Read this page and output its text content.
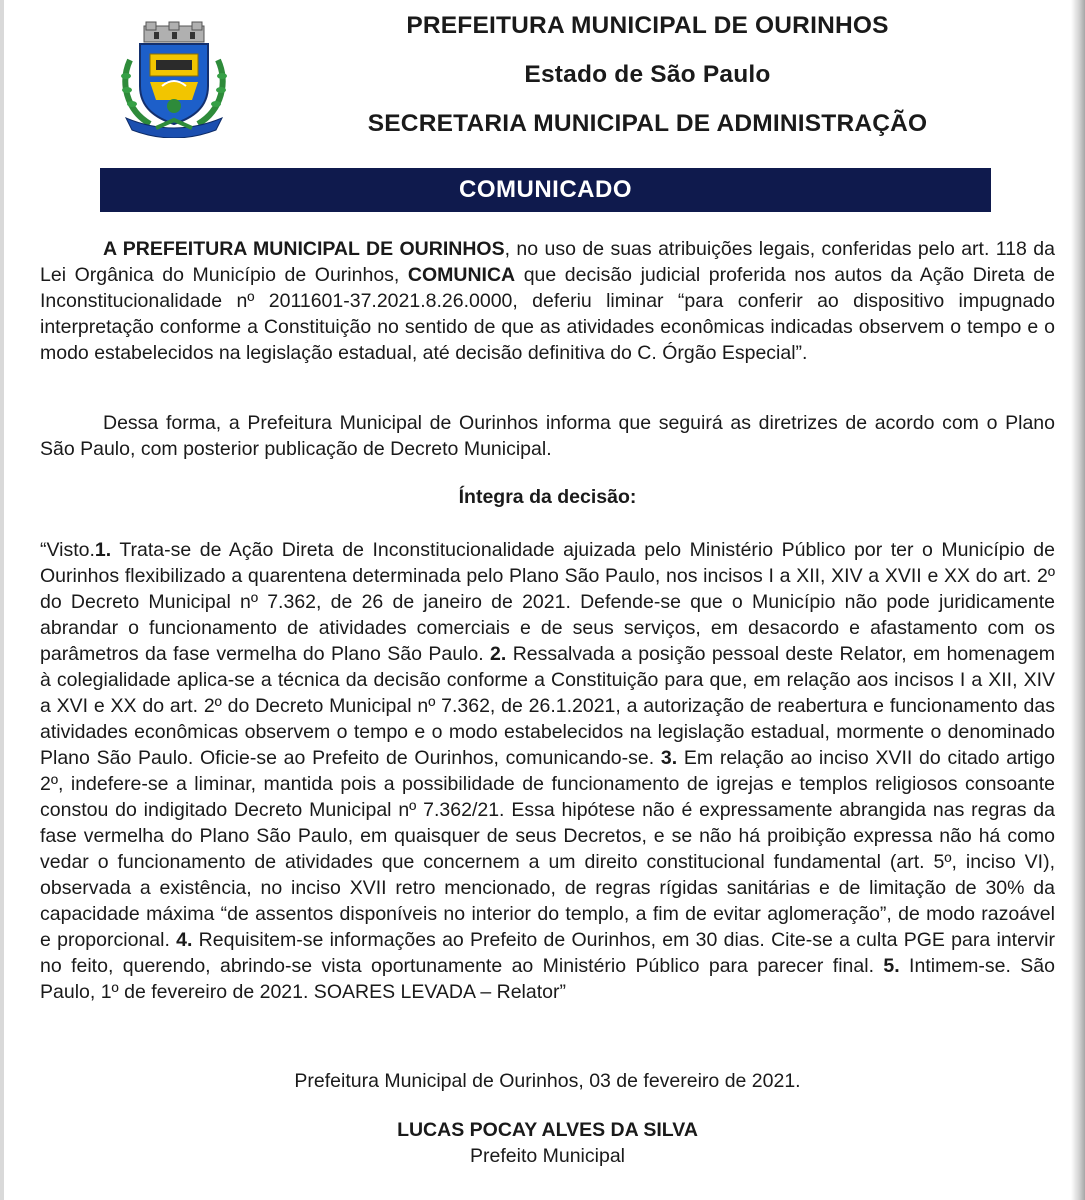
PREFEITURA MUNICIPAL DE OURINHOS
Estado de São Paulo
SECRETARIA MUNICIPAL DE ADMINISTRAÇÃO
COMUNICADO
A PREFEITURA MUNICIPAL DE OURINHOS, no uso de suas atribuições legais, conferidas pelo art. 118 da Lei Orgânica do Município de Ourinhos, COMUNICA que decisão judicial proferida nos autos da Ação Direta de Inconstitucionalidade nº 2011601-37.2021.8.26.0000, deferiu liminar “para conferir ao dispositivo impugnado interpretação conforme a Constituição no sentido de que as atividades econômicas indicadas observem o tempo e o modo estabelecidos na legislação estadual, até decisão definitiva do C. Órgão Especial”.
Dessa forma, a Prefeitura Municipal de Ourinhos informa que seguirá as diretrizes de acordo com o Plano São Paulo, com posterior publicação de Decreto Municipal.
Íntegra da decisão:
“Visto.1. Trata-se de Ação Direta de Inconstitucionalidade ajuizada pelo Ministério Público por ter o Município de Ourinhos flexibilizado a quarentena determinada pelo Plano São Paulo, nos incisos I a XII, XIV a XVII e XX do art. 2º do Decreto Municipal nº 7.362, de 26 de janeiro de 2021. Defende-se que o Município não pode juridicamente abrandar o funcionamento de atividades comerciais e de seus serviços, em desacordo e afastamento com os parâmetros da fase vermelha do Plano São Paulo. 2. Ressalvada a posição pessoal deste Relator, em homenagem à colegialidade aplica-se a técnica da decisão conforme a Constituição para que, em relação aos incisos I a XII, XIV a XVI e XX do art. 2º do Decreto Municipal nº 7.362, de 26.1.2021, a autorização de reabertura e funcionamento das atividades econômicas observem o tempo e o modo estabelecidos na legislação estadual, mormente o denominado Plano São Paulo. Oficie-se ao Prefeito de Ourinhos, comunicando-se. 3. Em relação ao inciso XVII do citado artigo 2º, indefere-se a liminar, mantida pois a possibilidade de funcionamento de igrejas e templos religiosos consoante constou do indigitado Decreto Municipal nº 7.362/21. Essa hipótese não é expressamente abrangida nas regras da fase vermelha do Plano São Paulo, em quaisquer de seus Decretos, e se não há proibição expressa não há como vedar o funcionamento de atividades que concernem a um direito constitucional fundamental (art. 5º, inciso VI), observada a existência, no inciso XVII retro mencionado, de regras rígidas sanitárias e de limitação de 30% da capacidade máxima “de assentos disponíveis no interior do templo, a fim de evitar aglomeração”, de modo razoável e proporcional. 4. Requisitem-se informações ao Prefeito de Ourinhos, em 30 dias. Cite-se a culta PGE para intervir no feito, querendo, abrindo-se vista oportunamente ao Ministério Público para parecer final. 5. Intimem-se. São Paulo, 1º de fevereiro de 2021. SOARES LEVADA – Relator”
Prefeitura Municipal de Ourinhos, 03 de fevereiro de 2021.
LUCAS POCAY ALVES DA SILVA
Prefeito Municipal
